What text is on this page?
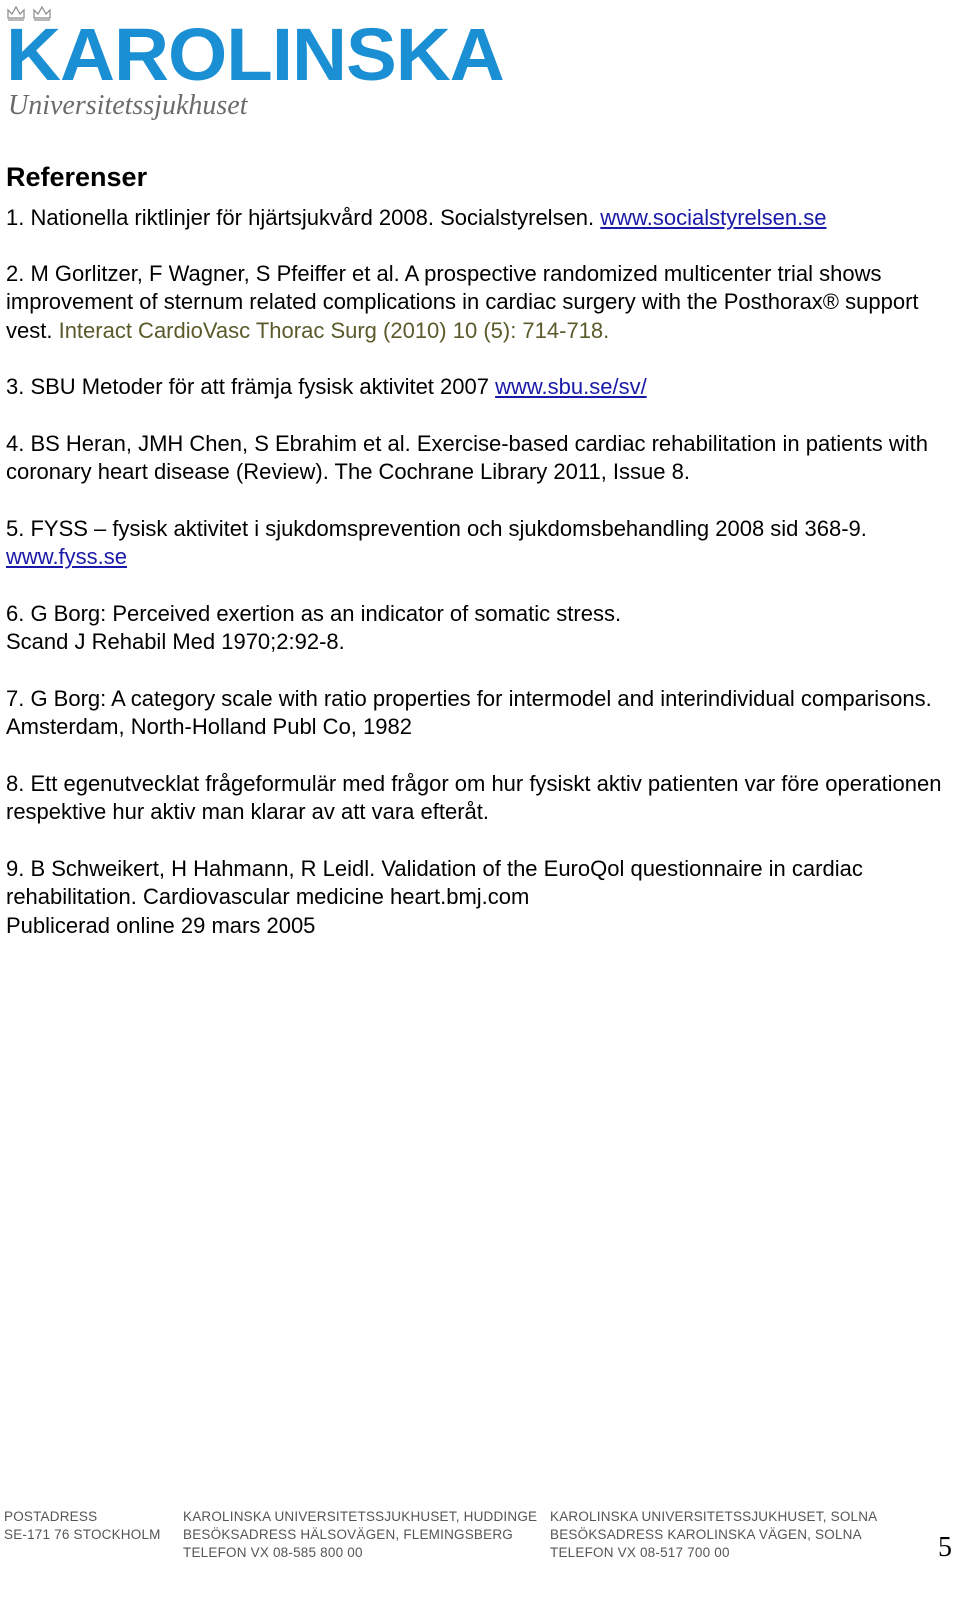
KAROLINSKA
Universitetssjukhuset
Referenser

1. Nationella riktlinjer för hjärtsjukvård 2008. Socialstyrelsen. www.socialstyrelsen.se

2. M Gorlitzer, F Wagner, S Pfeiffer et al. A prospective randomized multicenter trial shows improvement of sternum related complications in cardiac surgery with the Posthorax® support vest. Interact CardioVasc Thorac Surg (2010) 10 (5): 714-718.

3. SBU Metoder för att främja fysisk aktivitet 2007 www.sbu.se/sv/

4. BS Heran, JMH Chen, S Ebrahim et al. Exercise-based cardiac rehabilitation in patients with coronary heart disease (Review). The Cochrane Library 2011, Issue 8.

5. FYSS – fysisk aktivitet i sjukdomsprevention och sjukdomsbehandling 2008 sid 368-9. www.fyss.se

6. G Borg: Perceived exertion as an indicator of somatic stress.
Scand J Rehabil Med 1970;2:92-8.

7. G Borg: A category scale with ratio properties for intermodel and interindividual comparisons. Amsterdam, North-Holland Publ Co, 1982

8. Ett egenutvecklat frågeformulär med frågor om hur fysiskt aktiv patienten var före operationen respektive hur aktiv man klarar av att vara efteråt.

9. B Schweikert, H Hahmann, R Leidl. Validation of the EuroQol questionnaire in cardiac rehabilitation. Cardiovascular medicine heart.bmj.com
Publicerad online 29 mars 2005

POSTADRESS
SE-171 76 STOCKHOLM
KAROLINSKA UNIVERSITETSSJUKHUSET, HUDDINGE
BESÖKSADRESS HÄLSOVÄGEN, FLEMINGSBERG
TELEFON VX 08-585 800 00
KAROLINSKA UNIVERSITETSSJUKHUSET, SOLNA
BESÖKSADRESS KAROLINSKA VÄGEN, SOLNA
TELEFON VX 08-517 700 00	5
